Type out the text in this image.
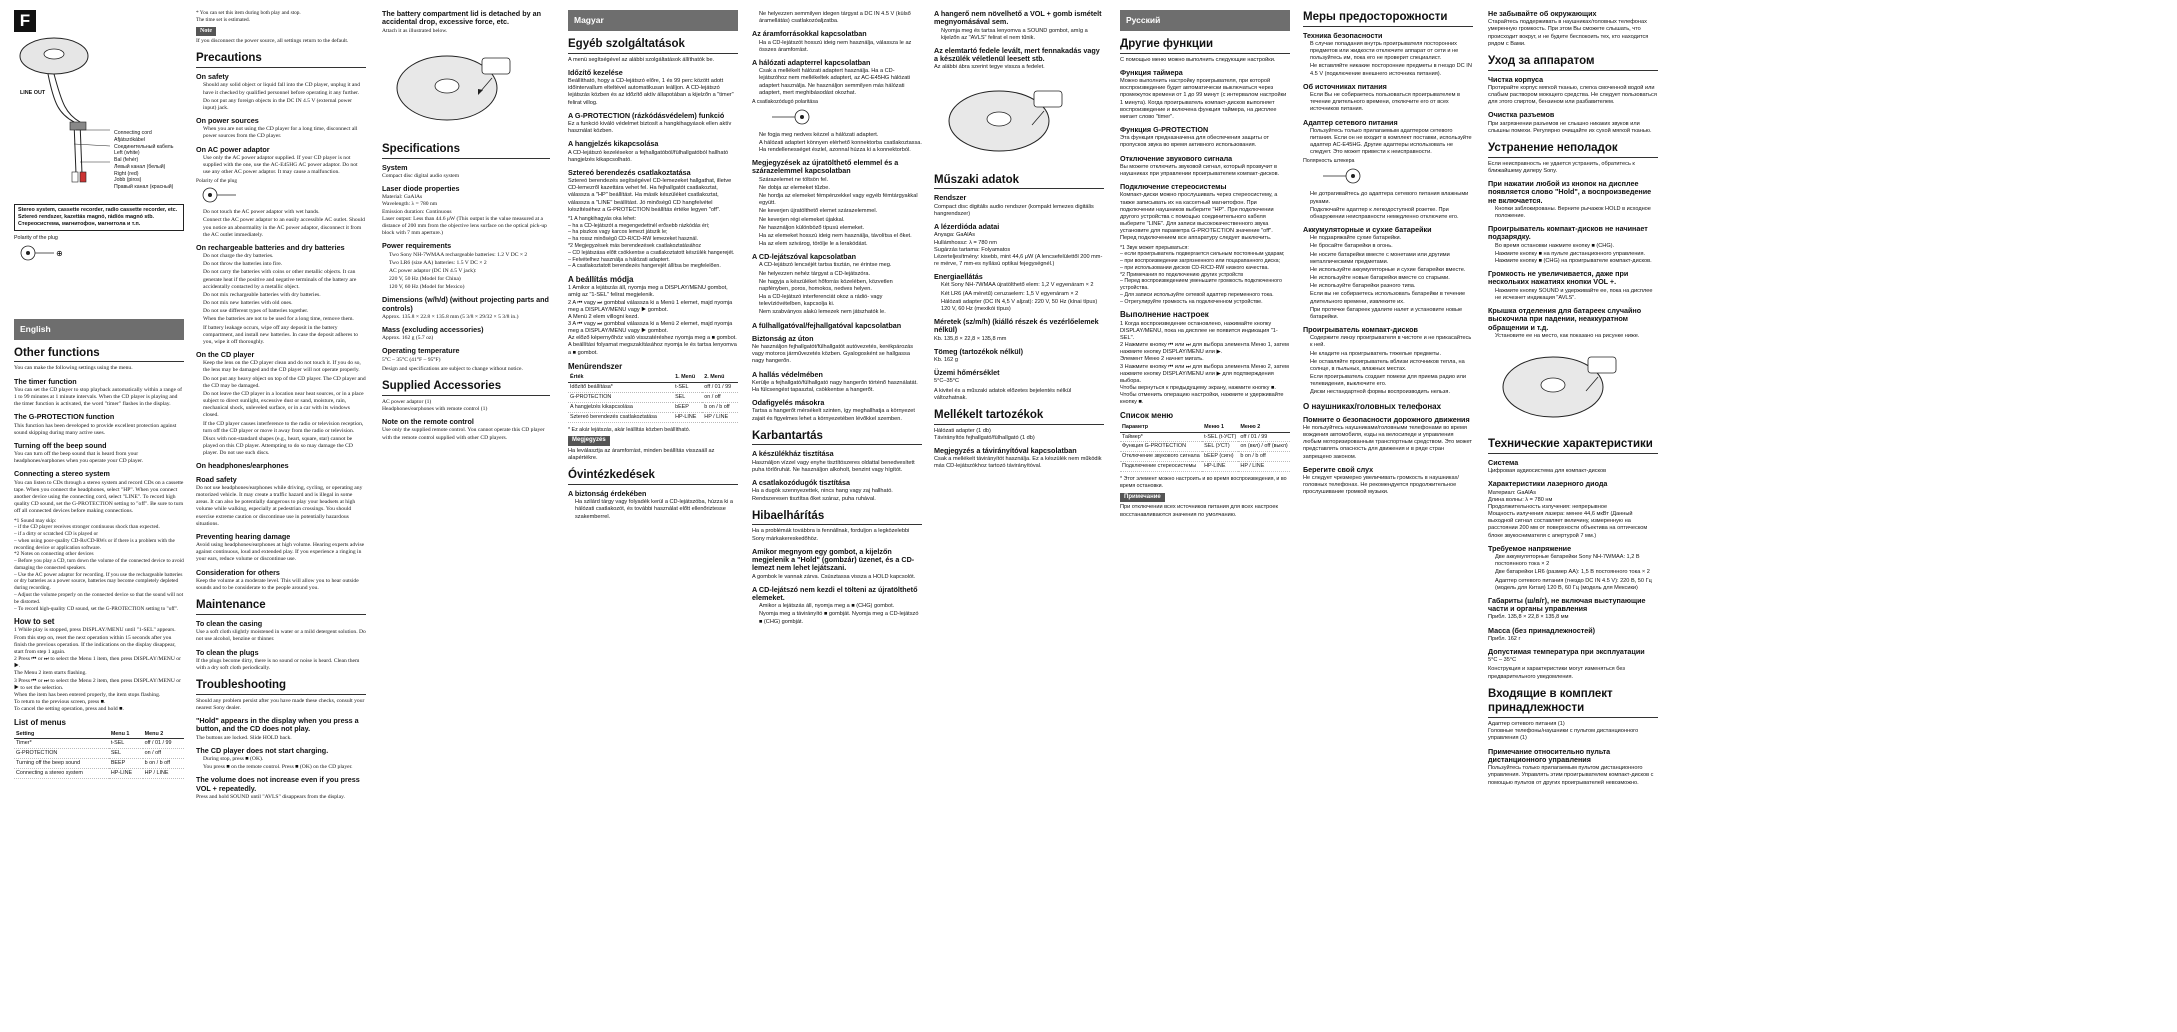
F
LINE OUT
Connecting cord
Afjátszókábel
Соединительный кабель
Left (white)
Bal (fehér)
Левый канал (белый)
Right (red)
Jobb (piros)
Правый канал (красный)
Stereo system, cassette recorder, radio cassette recorder, etc. Sztereó rendszer, kazettás magnó, rádiós magnó stb. Стереосистема, магнитофон, магнитола и т.п.
Polarity of the plug
⊕
English
Other functions

You can make the following settings using the menu.

The timer function

You can set the CD player to stop playback automatically within a range of 1 to 99 minutes at 1 minute intervals. When the CD player is playing and the timer function is activated, the word "timer" flashes in the display.

The G-PROTECTION function

This function has been developed to provide excellent protection against sound skipping during many active uses.

Turning off the beep sound

You can turn off the beep sound that is heard from your headphones/earphones when you operate your CD player.

Connecting a stereo system

You can listen to CDs through a stereo system and record CDs on a cassette tape. When you connect the headphones, select "HP". When you connect another device using the connecting cord, select "LINE". To record high quality CD sound, set the G-PROTECTION setting to "off". Be sure to turn off all connected devices before making connections.

*1 Sound may skip:
– if the CD player receives stronger continuous shock than expected.
– if a dirty or scratched CD is played or
– when using poor-quality CD-Rs/CD-RWs or if there is a problem with the recording device or application software.
*2 Notes on connecting other devices
– Before you play a CD, turn down the volume of the connected device to avoid damaging the connected speakers.
– Use the AC power adaptor for recording. If you use the rechargeable batteries or dry batteries as a power source, batteries may become completely depleted during recording.
– Adjust the volume properly on the connected device so that the sound will not be distorted.
– To record high-quality CD sound, set the G-PROTECTION setting to "off".
How to set
1 While play is stopped, press DISPLAY/MENU until "1-SEL" appears.
From this step on, reset the next operation within 15 seconds after you finish the previous operation. If the indications on the display disappear, start from step 1 again.
2 Press ⏮ or ⏭ to select the Menu 1 item, then press DISPLAY/MENU or ▶.
The Menu 2 item starts flashing.
3 Press ⏮ or ⏭ to select the Menu 2 item, then press DISPLAY/MENU or ▶ to set the selection.
When the item has been entered properly, the item stops flashing.
To return to the previous screen, press ■.
To cancel the setting operation, press and hold ■.
List of menus
Setting	Menu 1	Menu 2
Timer*	t-SEL	off / 01 / 99
G-PROTECTION	SEL	on / off
Turning off the beep sound	BEEP	b on / b off
Connecting a stereo system	HP-LINE	HP / LINE
* You can set this item during both play and stop.
The time set is estimated.
Note

If you disconnect the power source, all settings return to the default.

Precautions
On safety
• Should any solid object or liquid fall into the CD player, unplug it and have it checked by qualified personnel before operating it any further.
• Do not put any foreign objects in the DC IN 4.5 V (external power input) jack.
On power sources
• When you are not using the CD player for a long time, disconnect all power sources from the CD player.
On AC power adaptor
• Use only the AC power adaptor supplied. If your CD player is not supplied with the one, use the AC-E45HG AC power adaptor. Do not use any other AC power adaptor. It may cause a malfunction.
Polarity of the plug
• Do not touch the AC power adaptor with wet hands.
• Connect the AC power adaptor to an easily accessible AC outlet. Should you notice an abnormality in the AC power adaptor, disconnect it from the AC outlet immediately.
On rechargeable batteries and dry batteries
• Do not charge the dry batteries.
• Do not throw the batteries into fire.
• Do not carry the batteries with coins or other metallic objects. It can generate heat if the positive and negative terminals of the battery are accidentally contacted by a metallic object.
• Do not mix rechargeable batteries with dry batteries.
• Do not mix new batteries with old ones.
• Do not use different types of batteries together.
• When the batteries are not to be used for a long time, remove them.
• If battery leakage occurs, wipe off any deposit in the battery compartment, and install new batteries. In case the deposit adheres to you, wipe it off thoroughly.
On the CD player
• Keep the lens on the CD player clean and do not touch it. If you do so, the lens may be damaged and the CD player will not operate properly.
• Do not put any heavy object on top of the CD player. The CD player and the CD may be damaged.
• Do not leave the CD player in a location near heat sources, or in a place subject to direct sunlight, excessive dust or sand, moisture, rain, mechanical shock, unleveled surface, or in a car with its windows closed.
• If the CD player causes interference to the radio or television reception, turn off the CD player or move it away from the radio or television.
• Discs with non-standard shapes (e.g., heart, square, star) cannot be played on this CD player. Attempting to do so may damage the CD player. Do not use such discs.
On headphones/earphones
Road safety

Do not use headphones/earphones while driving, cycling, or operating any motorized vehicle. It may create a traffic hazard and is illegal in some areas. It can also be potentially dangerous to play your headsets at high volume while walking, especially at pedestrian crossings. You should exercise extreme caution or discontinue use in potentially hazardous situations.

Preventing hearing damage

Avoid using headphones/earphones at high volume. Hearing experts advise against continuous, loud and extended play. If you experience a ringing in your ears, reduce volume or discontinue use.

Consideration for others

Keep the volume at a moderate level. This will allow you to hear outside sounds and to be considerate to the people around you.

Maintenance
To clean the casing

Use a soft cloth slightly moistened in water or a mild detergent solution. Do not use alcohol, benzine or thinner.

To clean the plugs

If the plugs become dirty, there is no sound or noise is heard. Clean them with a dry soft cloth periodically.

Troubleshooting

Should any problem persist after you have made these checks, consult your nearest Sony dealer.

"Hold" appears in the display when you press a button, and the CD does not play.

The buttons are locked. Slide HOLD back.

The CD player does not start charging.
• During stop, press ■ (OK).
• You press ■ on the remote control. Press ■ (OK) on the CD player.
The volume does not increase even if you press VOL + repeatedly.

Press and hold SOUND until "AVLS" disappears from the display.

The battery compartment lid is detached by an accidental drop, excessive force, etc.

Attach it as illustrated below.

Specifications
System

Compact disc digital audio system

Laser diode properties

Material: GaAlAs
Wavelength: λ = 780 nm
Emission duration: Continuous
Laser output: Less than 44.6 μW (This output is the value measured at a distance of 200 mm from the objective lens surface on the optical pick-up block with 7 mm aperture.)

Power requirements
• Two Sony NH-7WMAA rechargeable batteries: 1.2 V DC × 2
• Two LR6 (size AA) batteries: 1.5 V DC × 2
• AC power adaptor (DC IN 4.5 V jack):
• 220 V, 50 Hz (Model for China)
• 120 V, 60 Hz (Model for Mexico)
Dimensions (w/h/d) (without projecting parts and controls)

Approx. 135.8 × 22.8 × 135.8 mm (5 3/8 × 29/32 × 5 3/8 in.)

Mass (excluding accessories)

Approx. 162 g (5.7 oz)

Operating temperature

5°C – 35°C (41°F – 95°F)

Design and specifications are subject to change without notice.

Supplied Accessories

AC power adaptor (1)
Headphones/earphones with remote control (1)

Note on the remote control

Use only the supplied remote control. You cannot operate this CD player with the remote control supplied with other CD players.

Magyar
Egyéb szolgáltatások

A menü segítségével az alábbi szolgáltatások állíthatók be.

Időzítő kezelése

Beállítható, hogy a CD-lejátszó előre, 1 és 99 perc között adott időintervallum elteltével automatikusan leálljon. A CD-lejátszó lejátszás közben és az időzítő aktív állapotában a kijelzőn a "timer" felirat villog.

A G-PROTECTION (rázkódásvédelem) funkció

Ez a funkció kiváló védelmet biztosít a hangkihagyások ellen aktív használat közben.

A hangjelzés kikapcsolása

A CD-lejátszó kezelésekor a fejhallgatóból/fülhallgatóból hallható hangjelzés kikapcsolható.

Sztereó berendezés csatlakoztatása

Sztereó berendezés segítségével CD-lemezeket hallgathat, illetve CD-lemezről kazettára vehet fel. Ha fejhallgatót csatlakoztat, válassza a "HP" beállítást. Ha másik készüléket csatlakoztat, válassza a "LINE" beállítást. Jó minőségű CD hangfelvétel készítéséhez a G-PROTECTION beállítás értéke legyen "off".

*1 A hangkihagyás oka lehet:
– ha a CD-lejátszót a megengedettnél erősebb rázkódás éri;
– ha piszkos vagy karcos lemezt játszik le;
– ha rossz minőségű CD-R/CD-RW lemezeket használ.
*2 Megjegyzések más berendezések csatlakoztatásához
– CD lejátszása előtt csökkentse a csatlakoztatott készülék hangerejét.
– Felvételhez használja a hálózati adaptert.
– A csatlakoztatott berendezés hangerejét állítsa be megfelelően.
A beállítás módja
1 Amikor a lejátszás áll, nyomja meg a DISPLAY/MENU gombot, amíg az "1-SEL" felirat megjelenik.
2 A ⏮ vagy ⏭ gombbal válassza ki a Menü 1 elemet, majd nyomja meg a DISPLAY/MENU vagy ▶ gombot.
A Menü 2 elem villogni kezd.
3 A ⏮ vagy ⏭ gombbal válassza ki a Menü 2 elemet, majd nyomja meg a DISPLAY/MENU vagy ▶ gombot.
Az előző képernyőhöz való visszatéréshez nyomja meg a ■ gombot.
A beállítási folyamat megszakításához nyomja le és tartsa lenyomva a ■ gombot.
Menürendszer
Érték	1. Menü	2. Menü
Időzítő beállítása*	t-SEL	off / 01 / 99
G-PROTECTION	SEL	on / off
A hangjelzés kikapcsolása	bEEP	b on / b off
Sztereó berendezés csatlakoztatása	HP-LINE	HP / LINE
* Ez akár lejátszás, akár leállítás közben beállítható.
Megjegyzés

Ha leválasztja az áramforrást, minden beállítás visszaáll az alapértékre.

Óvintézkedések
A biztonság érdekében
• Ha szilárd tárgy vagy folyadék kerül a CD-lejátszóba, húzza ki a hálózati csatlakozót, és további használat előtt ellenőriztesse szakemberrel.
• Ne helyezzen semmilyen idegen tárgyat a DC IN 4.5 V (külső áramellátás) csatlakozóaljzatba.
Az áramforrásokkal kapcsolatban
• Ha a CD-lejátszót hosszú ideig nem használja, válassza le az összes áramforrást.
A hálózati adapterrel kapcsolatban
• Csak a mellékelt hálózati adaptert használja. Ha a CD-lejátszóhoz nem mellékeltek adaptert, az AC-E45HG hálózati adaptert használja. Ne használjon semmilyen más hálózati adaptert, mert meghibásodást okozhat.
A csatlakozódugó polaritása
• Ne fogja meg nedves kézzel a hálózati adaptert.
• A hálózati adaptert könnyen elérhető konnektorba csatlakoztassa. Ha rendellenességet észlel, azonnal húzza ki a konnektorból.
Megjegyzések az újratölthető elemmel és a szárazelemmel kapcsolatban
• Szárazelemet ne töltsön fel.
• Ne dobja az elemeket tűzbe.
• Ne hordja az elemeket fémpénzekkel vagy egyéb fémtárgyakkal együtt.
• Ne keverjen újratölthető elemet szárazelemmel.
• Ne keverjen régi elemeket újakkal.
• Ne használjon különböző típusú elemeket.
• Ha az elemeket hosszú ideig nem használja, távolítsa el őket.
• Ha az elem szivárog, törölje le a lerakódást.
A CD-lejátszóval kapcsolatban
• A CD-lejátszó lencséjét tartsa tisztán, ne érintse meg.
• Ne helyezzen nehéz tárgyat a CD-lejátszóra.
• Ne hagyja a készüléket hőforrás közelében, közvetlen napfényben, poros, homokos, nedves helyen.
• Ha a CD-lejátszó interferenciát okoz a rádió- vagy televízióvételben, kapcsolja ki.
• Nem szabványos alakú lemezek nem játszhatók le.
A fülhallgatóval/fejhallgatóval kapcsolatban
Biztonság az úton

Ne használjon fejhallgatót/fülhallgatót autóvezetés, kerékpározás vagy motoros járművezetés közben. Gyalogosként se hallgassa nagy hangerőn.

A hallás védelmében

Kerülje a fejhallgató/fülhallgató nagy hangerőn történő használatát. Ha fülcsengést tapasztal, csökkentse a hangerőt.

Odafigyelés másokra

Tartsa a hangerőt mérsékelt szinten, így meghallhatja a környezet zajait és figyelmes lehet a környezetében lévőkkel szemben.

Karbantartás
A készülékház tisztítása

Használjon vízzel vagy enyhe tisztítószeres oldattal benedvesített puha törlőruhát. Ne használjon alkoholt, benzint vagy hígítót.

A csatlakozódugók tisztítása

Ha a dugók szennyezettek, nincs hang vagy zaj hallható. Rendszeresen tisztítsa őket száraz, puha ruhával.

Hibaelhárítás

Ha a problémák továbbra is fennállnak, forduljon a legközelebbi Sony márkakereskedőhöz.

Amikor megnyom egy gombot, a kijelzőn megjelenik a "Hold" (gombzár) üzenet, és a CD-lemezt nem lehet lejátszani.

A gombok le vannak zárva. Csúsztassa vissza a HOLD kapcsolót.

A CD-lejátszó nem kezdi el tölteni az újratölthető elemeket.
• Amikor a lejátszás áll, nyomja meg a ■ (CHG) gombot.
• Nyomja meg a távirányító ■ gombját. Nyomja meg a CD-lejátszó ■ (CHG) gombját.
A hangerő nem növelhető a VOL + gomb ismételt megnyomásával sem.
• Nyomja meg és tartsa lenyomva a SOUND gombot, amíg a kijelzőn az "AVLS" felirat el nem tűnik.
Az elemtartó fedele levált, mert fennakadás vagy a készülék véletlenül leesett stb.

Az alábbi ábra szerint tegye vissza a fedelet.

Műszaki adatok
Rendszer

Compact disc digitális audio rendszer (kompakt lemezes digitális hangrendszer)

A lézerdióda adatai

Anyaga: GaAlAs
Hullámhossz: λ = 780 nm
Sugárzás tartama: Folyamatos
Lézerteljesítmény: kisebb, mint 44,6 μW (A lencsefelülettől 200 mm-re mérve, 7 mm-es nyílású optikai fejegységnél.)

Energiaellátás
• Két Sony NH-7WMAA újratölthető elem: 1,2 V egyenáram × 2
• Két LR6 (AA méretű) ceruzaelem: 1,5 V egyenáram × 2
• Hálózati adapter (DC IN 4,5 V aljzat): 220 V, 50 Hz (kínai típus) 120 V, 60 Hz (mexikói típus)
Méretek (sz/m/h) (kiálló részek és vezérlőelemek nélkül)

Kb. 135,8 × 22,8 × 135,8 mm

Tömeg (tartozékok nélkül)

Kb. 162 g

Üzemi hőmérséklet

5°C–35°C

A kivitel és a műszaki adatok előzetes bejelentés nélkül változhatnak.

Mellékelt tartozékok

Hálózati adapter (1 db)
Távirányítós fejhallgató/fülhallgató (1 db)

Megjegyzés a távirányítóval kapcsolatban

Csak a mellékelt távirányítót használja. Ez a készülék nem működik más CD-lejátszókhoz tartozó távirányítóval.

Русский
Другие функции

С помощью меню можно выполнить следующие настройки.

Функция таймера

Можно выполнить настройку проигрывателя, при которой воспроизведение будет автоматически выключаться через промежуток времени от 1 до 99 минут (с интервалом настройки 1 минута). Когда проигрыватель компакт-дисков выполняет воспроизведение и включена функция таймера, на дисплее мигает слово "timer".

Функция G-PROTECTION

Эта функция предназначена для обеспечения защиты от пропусков звука во время активного использования.

Отключение звукового сигнала

Вы можете отключить звуковой сигнал, который прозвучит в наушниках при управлении проигрывателем компакт-дисков.

Подключение стереосистемы

Компакт-диски можно прослушивать через стереосистему, а также записывать их на кассетный магнитофон. При подключении наушников выберите "HP". При подключении другого устройства с помощью соединительного кабеля выберите "LINE". Для записи высококачественного звука установите для параметра G-PROTECTION значение "off". Перед подключением все аппаратуру следует выключить.

*1 Звук может прерываться:
– если проигрыватель подвергается сильным постоянным ударам;
– при воспроизведении загрязненного или поцарапанного диска;
– при использовании дисков CD-R/CD-RW низкого качества.
*2 Примечания по подключению других устройств
– Перед воспроизведением уменьшите громкость подключенного устройства.
– Для записи используйте сетевой адаптер переменного тока.
– Отрегулируйте громкость на подключенном устройстве.
Выполнение настроек
1 Когда воспроизведение остановлено, нажимайте кнопку DISPLAY/MENU, пока на дисплее не появится индикация "1-SEL".
2 Нажмите кнопку ⏮ или ⏭ для выбора элемента Меню 1, затем нажмите кнопку DISPLAY/MENU или ▶.
Элемент Меню 2 начнет мигать.
3 Нажмите кнопку ⏮ или ⏭ для выбора элемента Меню 2, затем нажмите кнопку DISPLAY/MENU или ▶ для подтверждения выбора.
Чтобы вернуться к предыдущему экрану, нажмите кнопку ■.
Чтобы отменить операцию настройки, нажмите и удерживайте кнопку ■.
Список меню
Параметр	Меню 1	Меню 2
Таймер*	t-SEL (t-УСТ)	off / 01 / 99
Функция G-PROTECTION	SEL (УСТ)	on (вкл) / off (выкл)
Отключение звукового сигнала	bEEP (сигн)	b on / b off
Подключение стереосистемы	HP-LINE	HP / LINE
* Этот элемент можно настроить и во время воспроизведения, и во время остановки.
Примечание

При отключении всех источников питания для всех настроек восстанавливаются значения по умолчанию.

Меры предосторожности
Техника безопасности
• В случае попадания внутрь проигрывателя посторонних предметов или жидкости отключите аппарат от сети и не пользуйтесь им, пока его не проверит специалист.
• Не вставляйте никакие посторонние предметы в гнездо DC IN 4.5 V (подключение внешнего источника питания).
Об источниках питания
• Если Вы не собираетесь пользоваться проигрывателем в течение длительного времени, отключите его от всех источников питания.
Адаптер сетевого питания
• Пользуйтесь только прилагаемым адаптером сетевого питания. Если он не входит в комплект поставки, используйте адаптер AC-E45HG. Другие адаптеры использовать не следует. Это может привести к неисправности.
Полярность штекера
• Не дотрагивайтесь до адаптера сетевого питания влажными руками.
• Подключайте адаптер к легкодоступной розетке. При обнаружении неисправности немедленно отключите его.
Аккумуляторные и сухие батарейки
• Не подзаряжайте сухие батарейки.
• Не бросайте батарейки в огонь.
• Не носите батарейки вместе с монетами или другими металлическими предметами.
• Не используйте аккумуляторные и сухие батарейки вместе.
• Не используйте новые батарейки вместе со старыми.
• Не используйте батарейки разного типа.
• Если вы не собираетесь использовать батарейки в течение длительного времени, извлеките их.
• При протечке батареек удалите налет и установите новые батарейки.
Проигрыватель компакт-дисков
• Содержите линзу проигрывателя в чистоте и не прикасайтесь к ней.
• Не кладите на проигрыватель тяжелые предметы.
• Не оставляйте проигрыватель вблизи источников тепла, на солнце, в пыльных, влажных местах.
• Если проигрыватель создает помехи для приема радио или телевидения, выключите его.
• Диски нестандартной формы воспроизводить нельзя.
О наушниках/головных телефонах
Помните о безопасности дорожного движения

Не пользуйтесь наушниками/головными телефонами во время вождения автомобиля, езды на велосипеде и управления любым моторизированным транспортным средством. Это может представлять опасность для движения и в ряде стран запрещено законом.

Берегите свой слух

Не следует чрезмерно увеличивать громкость в наушниках/головных телефонах. Не рекомендуется продолжительное прослушивание громкой музыки.

Не забывайте об окружающих

Старайтесь поддерживать в наушниках/головных телефонах умеренную громкость. При этом Вы сможете слышать, что происходит вокруг, и не будете беспокоить тех, кто находится рядом с Вами.

Уход за аппаратом
Чистка корпуса

Протирайте корпус мягкой тканью, слегка смоченной водой или слабым раствором моющего средства. Не следует пользоваться для этого спиртом, бензином или разбавителем.

Очистка разъемов

При загрязнении разъемов не слышно никаких звуков или слышны помехи. Регулярно очищайте их сухой мягкой тканью.

Устранение неполадок

Если неисправность не удается устранить, обратитесь к ближайшему дилеру Sony.

При нажатии любой из кнопок на дисплее появляется слово "Hold", а воспроизведение не включается.
• Кнопки заблокированы. Верните рычажок HOLD в исходное положение.
Проигрыватель компакт-дисков не начинает подзарядку.
• Во время остановки нажмите кнопку ■ (CHG).
• Нажмите кнопку ■ на пульте дистанционного управления. Нажмите кнопку ■ (CHG) на проигрывателе компакт-дисков.
Громкость не увеличивается, даже при нескольких нажатиях кнопки VOL +.
• Нажмите кнопку SOUND и удерживайте ее, пока на дисплее не исчезнет индикация "AVLS".
Крышка отделения для батареек случайно выскочила при падении, неаккуратном обращении и т.д.
• Установите ее на место, как показано на рисунке ниже.
Технические характеристики
Система

Цифровая аудиосистема для компакт-дисков

Характеристики лазерного диода

Материал: GaAlAs
Длина волны: λ = 780 нм
Продолжительность излучения: непрерывное
Мощность излучения лазера: менее 44,6 мкВт (Данный выходной сигнал составляет величину, измеренную на расстоянии 200 мм от поверхности объектива на оптическом блоке звукоснимателя с апертурой 7 мм.)

Требуемое напряжение
• Две аккумуляторные батарейки Sony NH-7WMAA: 1,2 В постоянного тока × 2
• Две батарейки LR6 (размер АА): 1,5 В постоянного тока × 2
• Адаптер сетевого питания (гнездо DC IN 4.5 V): 220 В, 50 Гц (модель для Китая) 120 В, 60 Гц (модель для Мексики)
Габариты (ш/в/г), не включая выступающие части и органы управления

Прибл. 135,8 × 22,8 × 135,8 мм

Масса (без принадлежностей)

Прибл. 162 г

Допустимая температура при эксплуатации

5°C – 35°C

Конструкция и характеристики могут изменяться без предварительного уведомления.

Входящие в комплект принадлежности

Адаптер сетевого питания (1)
Головные телефоны/наушники с пультом дистанционного управления (1)

Примечание относительно пульта дистанционного управления

Пользуйтесь только прилагаемым пультом дистанционного управления. Управлять этим проигрывателем компакт-дисков с помощью пультов от других проигрывателей невозможно.
